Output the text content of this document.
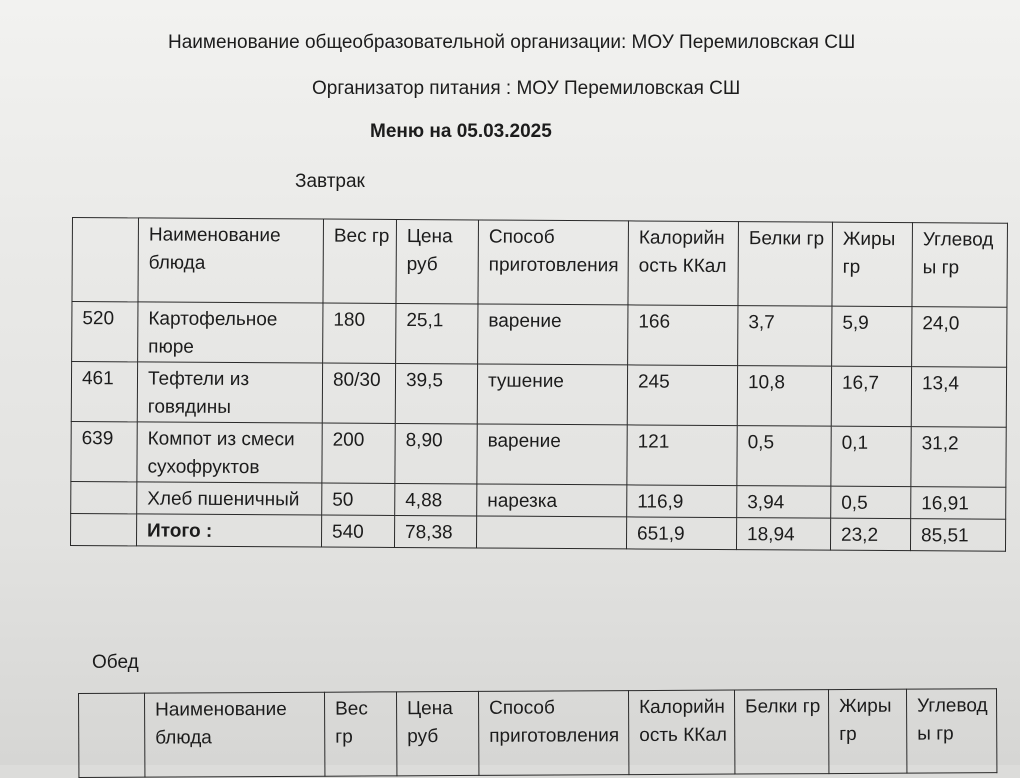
Наименование общеобразовательной организации: МОУ Перемиловская СШ
Организатор питания : МОУ Перемиловская СШ
Меню на 05.03.2025
Завтрак
	Наименование блюда	Вес гр	Цена руб	Способ приготовления	Калорийность ККал	Белки гр	Жиры гр	Углеводы гр
520	Картофельное пюре	180	25,1	варение	166	3,7	5,9	24,0
461	Тефтели из говядины	80/30	39,5	тушение	245	10,8	16,7	13,4
639	Компот из смеси сухофруктов	200	8,90	варение	121	0,5	0,1	31,2
	Хлеб пшеничный	50	4,88	нарезка	116,9	3,94	0,5	16,91
	Итого :	540	78,38		651,9	18,94	23,2	85,51
Обед
	Наименование блюда	Вес гр	Цена руб	Способ приготовления	Калорийность ККал	Белки гр	Жиры гр	Углеводы гр
